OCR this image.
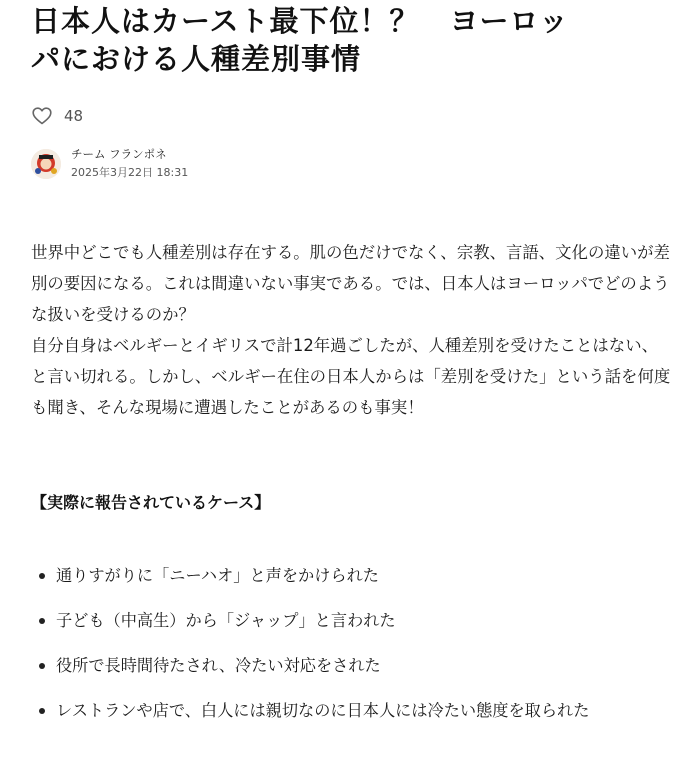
日本人はカースト最下位！？　ヨーロッ
パにおける人種差別事情
48
チーム フランポネ
2025年3月22日 18:31

世界中どこでも人種差別は存在する。肌の色だけでなく、宗教、言語、文化の違いが差別の要因になる。これは間違いない事実である。では、日本人はヨーロッパでどのような扱いを受けるのか？

自分自身はベルギーとイギリスで計12年過ごしたが、人種差別を受けたことはない、と言い切れる。しかし、ベルギー在住の日本人からは「差別を受けた」という話を何度も聞き、そんな現場に遭遇したことがあるのも事実！

【実際に報告されているケース】
通りすがりに「ニーハオ」と声をかけられた
子ども（中高生）から「ジャップ」と言われた
役所で長時間待たされ、冷たい対応をされた
レストランや店で、白人には親切なのに日本人には冷たい態度を取られた
